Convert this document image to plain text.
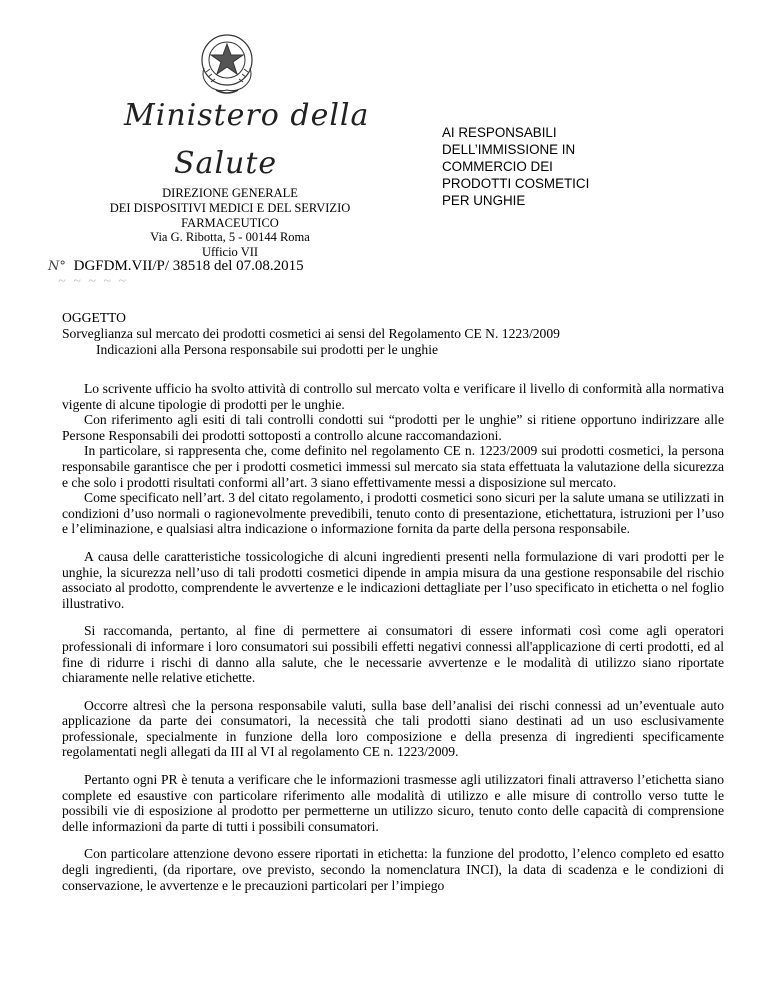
Ministero della
Salute
DIREZIONE GENERALE
DEI DISPOSITIVI MEDICI E DEL SERVIZIO
FARMACEUTICO
Via G. Ribotta, 5 - 00144 Roma
Ufficio VII
N° DGFDM.VII/P/ 38518 del 07.08.2015
~ ~ ~ ~ ~
AI RESPONSABILI
DELL’IMMISSIONE IN
COMMERCIO DEI
PRODOTTI COSMETICI
PER UNGHIE
OGGETTO
Sorveglianza sul mercato dei prodotti cosmetici ai sensi del Regolamento CE N. 1223/2009
Indicazioni alla Persona responsabile sui prodotti per le unghie

Lo scrivente ufficio ha svolto attività di controllo sul mercato volta e verificare il livello di conformità alla normativa vigente di alcune tipologie di prodotti per le unghie.

Con riferimento agli esiti di tali controlli condotti sui “prodotti per le unghie” si ritiene opportuno indirizzare alle Persone Responsabili dei prodotti sottoposti a controllo alcune raccomandazioni.

In particolare, si rappresenta che, come definito nel regolamento CE n. 1223/2009 sui prodotti cosmetici, la persona responsabile garantisce che per i prodotti cosmetici immessi sul mercato sia stata effettuata la valutazione della sicurezza e che solo i prodotti risultati conformi all’art. 3 siano effettivamente messi a disposizione sul mercato.

Come specificato nell’art. 3 del citato regolamento, i prodotti cosmetici sono sicuri per la salute umana se utilizzati in condizioni d’uso normali o ragionevolmente prevedibili, tenuto conto di presentazione, etichettatura, istruzioni per l’uso e l’eliminazione, e qualsiasi altra indicazione o informazione fornita da parte della persona responsabile.

A causa delle caratteristiche tossicologiche di alcuni ingredienti presenti nella formulazione di vari prodotti per le unghie, la sicurezza nell’uso di tali prodotti cosmetici dipende in ampia misura da una gestione responsabile del rischio associato al prodotto, comprendente le avvertenze e le indicazioni dettagliate per l’uso specificato in etichetta o nel foglio illustrativo.

Si raccomanda, pertanto, al fine di permettere ai consumatori di essere informati così come agli operatori professionali di informare i loro consumatori sui possibili effetti negativi connessi all'applicazione di certi prodotti, ed al fine di ridurre i rischi di danno alla salute, che le necessarie avvertenze e le modalità di utilizzo siano riportate chiaramente nelle relative etichette.

Occorre altresì che la persona responsabile valuti, sulla base dell’analisi dei rischi connessi ad un’eventuale auto applicazione da parte dei consumatori, la necessità che tali prodotti siano destinati ad un uso esclusivamente professionale, specialmente in funzione della loro composizione e della presenza di ingredienti specificamente regolamentati negli allegati da III al VI al regolamento CE n. 1223/2009.

Pertanto ogni PR è tenuta a verificare che le informazioni trasmesse agli utilizzatori finali attraverso l’etichetta siano complete ed esaustive con particolare riferimento alle modalità di utilizzo e alle misure di controllo verso tutte le possibili vie di esposizione al prodotto per permetterne un utilizzo sicuro, tenuto conto delle capacità di comprensione delle informazioni da parte di tutti i possibili consumatori.

Con particolare attenzione devono essere riportati in etichetta: la funzione del prodotto, l’elenco completo ed esatto degli ingredienti, (da riportare, ove previsto, secondo la nomenclatura INCI), la data di scadenza e le condizioni di conservazione, le avvertenze e le precauzioni particolari per l’impiego
